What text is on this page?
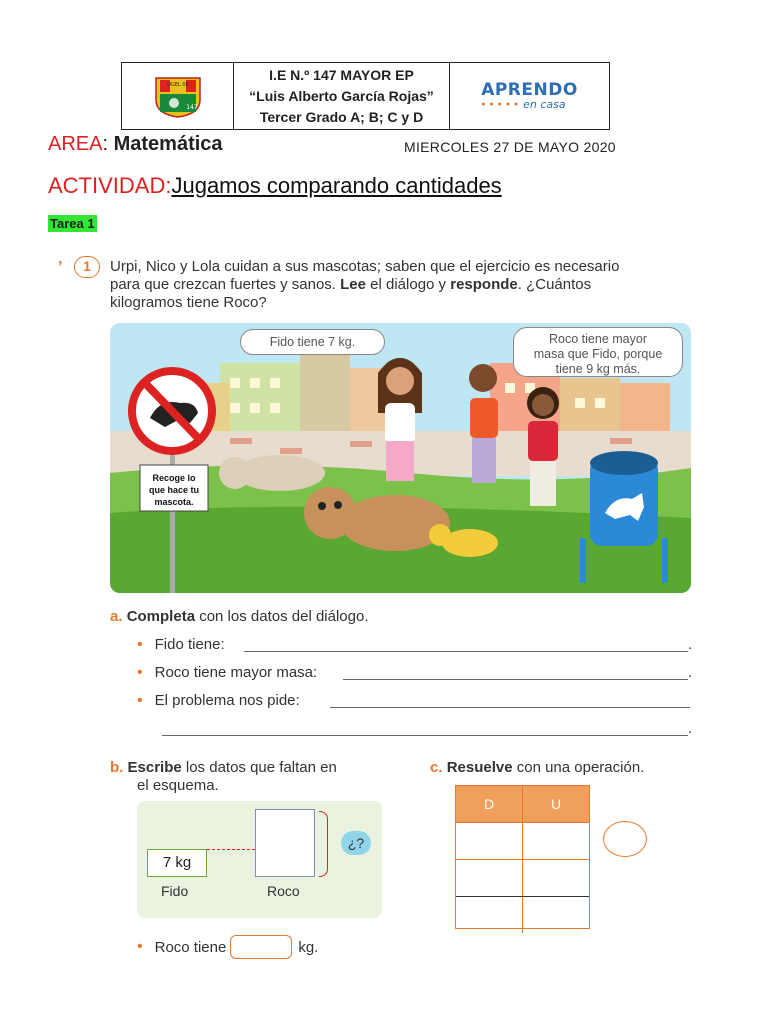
UGEL 05
147
I.E N.º 147 MAYOR EP
“Luis Alberto García Rojas”
Tercer Grado A; B; C y D
APRENDO
● ● ● ● ● en casa
AREA: Matemática	MIERCOLES 27 DE MAYO 2020
ACTIVIDAD:Jugamos comparando cantidades
Tarea 1
ʼ	1	Urpi, Nico y Lola cuidan a sus mascotas; saben que el ejercicio es necesario
para que crezcan fuertes y sanos. Lee el diálogo y responde. ¿Cuántos
kilogramos tiene Roco?
Recoge lo
que hace tu
mascota.
Fido tiene 7 kg.	Roco tiene mayor
masa que Fido, porque
tiene 9 kg más.
a. Completa con los datos del diálogo.
• Fido tiene:	.
• Roco tiene mayor masa:	.
• El problema nos pide:
.
b. Escribe los datos que faltan en
el esquema.
7 kg
¿?
Fido	Roco
• Roco tiene	kg.
c. Resuelve con una operación.
D	U
